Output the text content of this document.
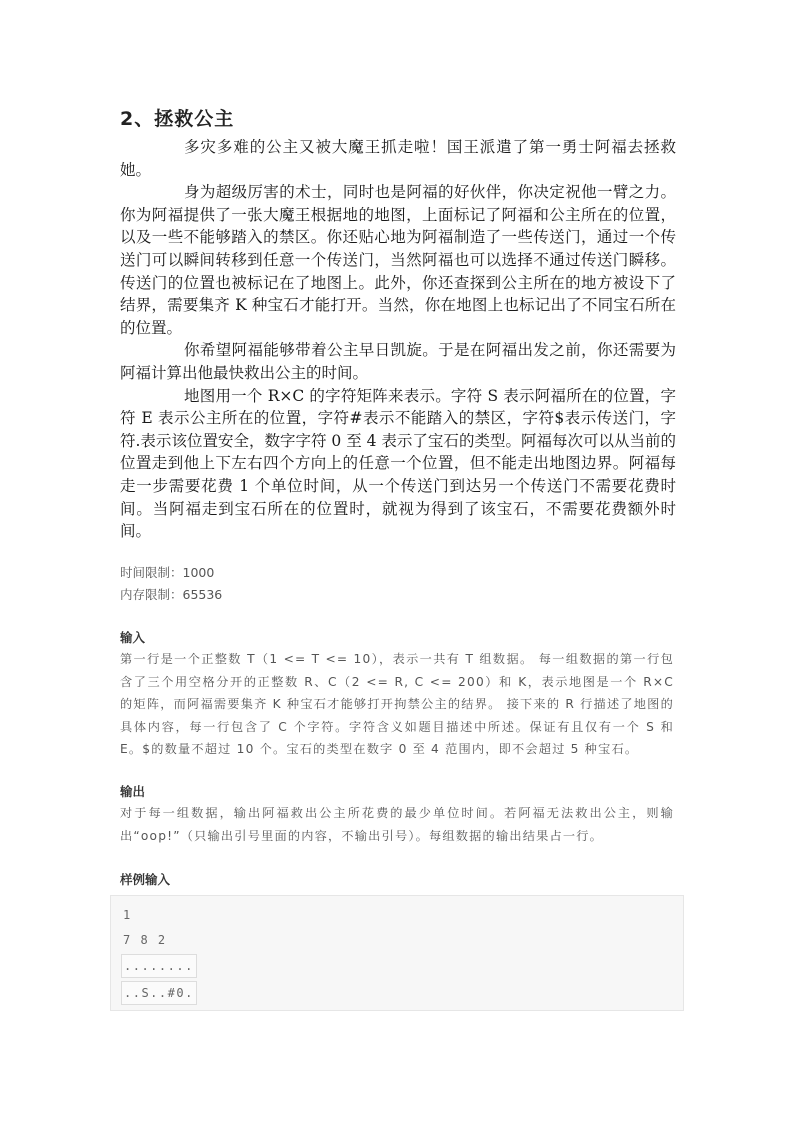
2、拯救公主

多灾多难的公主又被大魔王抓走啦！国王派遣了第一勇士阿福去拯救她。

身为超级厉害的术士，同时也是阿福的好伙伴，你决定祝他一臂之力。你为阿福提供了一张大魔王根据地的地图，上面标记了阿福和公主所在的位置，以及一些不能够踏入的禁区。你还贴心地为阿福制造了一些传送门，通过一个传送门可以瞬间转移到任意一个传送门，当然阿福也可以选择不通过传送门瞬移。传送门的位置也被标记在了地图上。此外，你还查探到公主所在的地方被设下了结界，需要集齐 K 种宝石才能打开。当然，你在地图上也标记出了不同宝石所在的位置。

你希望阿福能够带着公主早日凯旋。于是在阿福出发之前，你还需要为阿福计算出他最快救出公主的时间。

地图用一个 R×C 的字符矩阵来表示。字符 S 表示阿福所在的位置，字符 E 表示公主所在的位置，字符#表示不能踏入的禁区，字符$表示传送门，字符.表示该位置安全，数字字符 0 至 4 表示了宝石的类型。阿福每次可以从当前的位置走到他上下左右四个方向上的任意一个位置，但不能走出地图边界。阿福每走一步需要花费 1 个单位时间，从一个传送门到达另一个传送门不需要花费时间。当阿福走到宝石所在的位置时，就视为得到了该宝石，不需要花费额外时间。

时间限制：1000
内存限制：65536
输入

第一行是一个正整数 T（1 <= T <= 10），表示一共有 T 组数据。 每一组数据的第一行包含了三个用空格分开的正整数 R、C（2 <= R, C <= 200）和 K，表示地图是一个 R×C 的矩阵，而阿福需要集齐 K 种宝石才能够打开拘禁公主的结界。 接下来的 R 行描述了地图的具体内容，每一行包含了 C 个字符。字符含义如题目描述中所述。保证有且仅有一个 S 和 E。$的数量不超过 10 个。宝石的类型在数字 0 至 4 范围内，即不会超过 5 种宝石。

输出

对于每一组数据，输出阿福救出公主所花费的最少单位时间。若阿福无法救出公主，则输出“oop!”（只输出引号里面的内容，不输出引号）。每组数据的输出结果占一行。

样例输入
1
7 8 2
........
..S..#0.
